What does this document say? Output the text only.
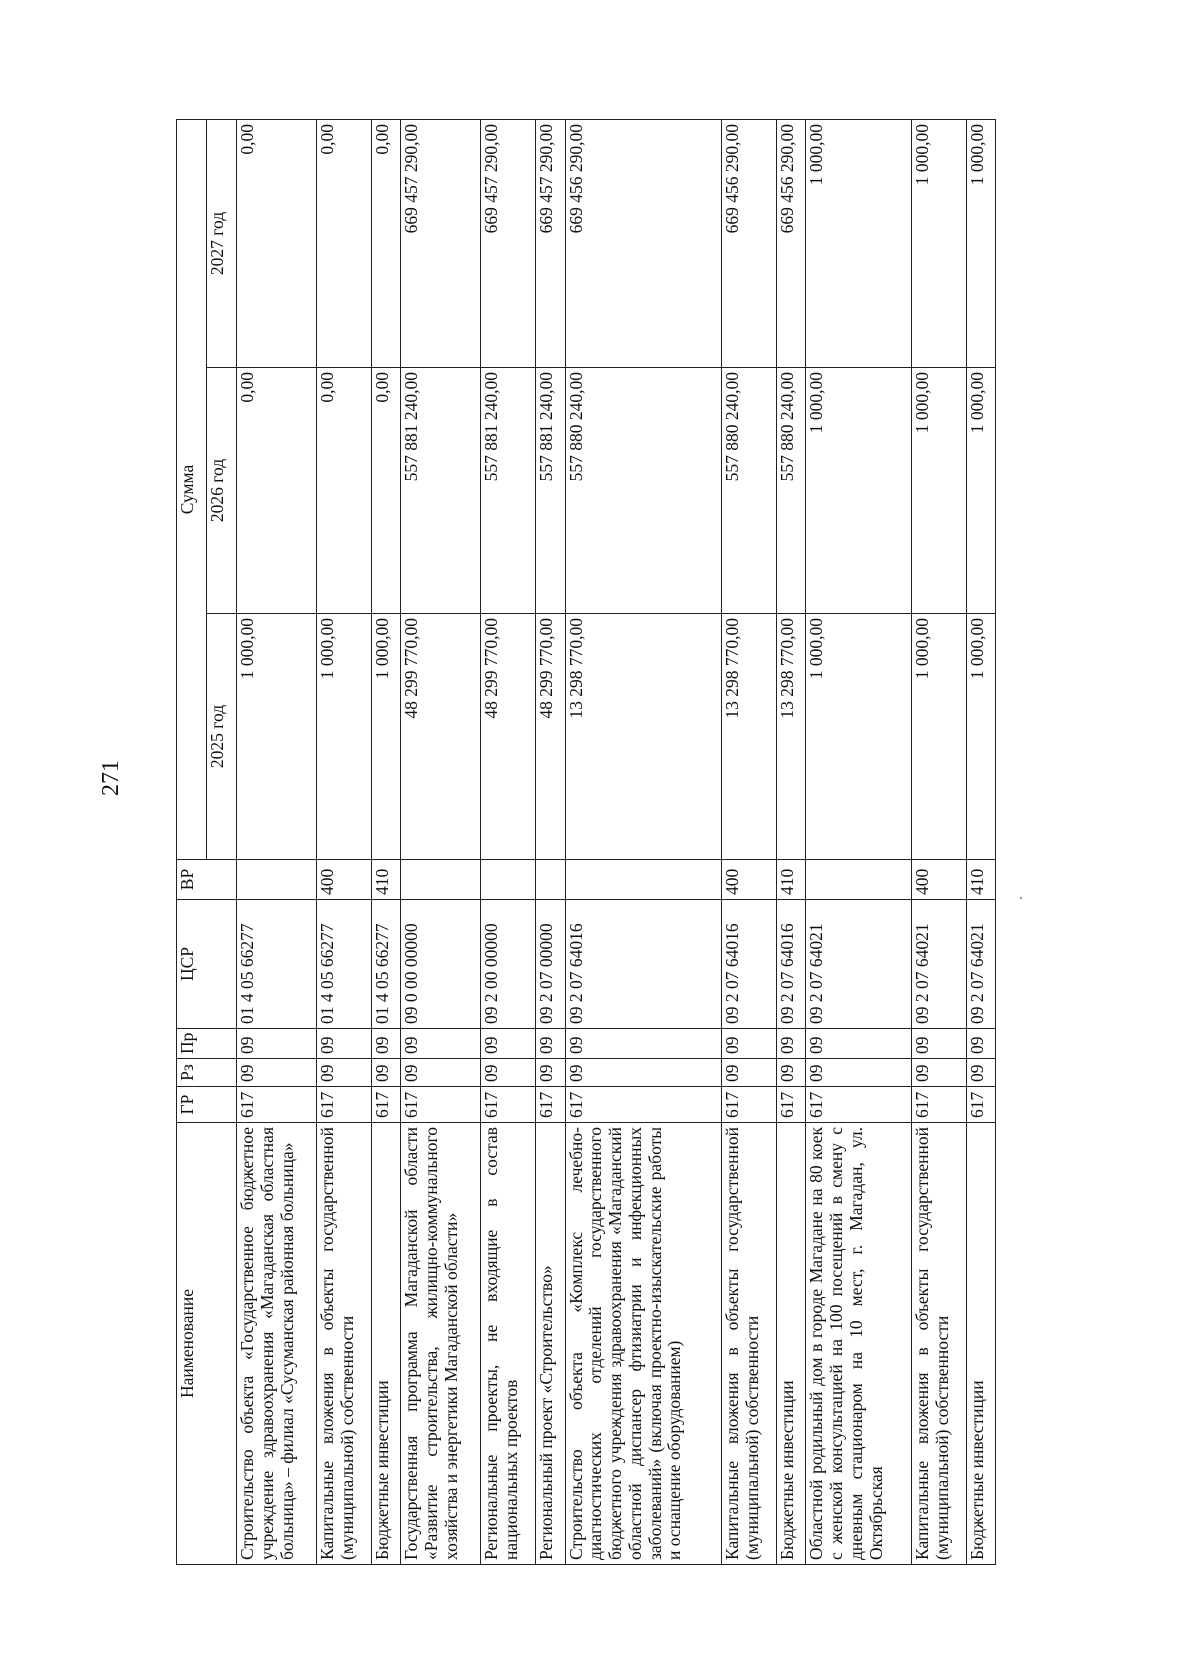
271
Наименование	ГР	Рз	Пр	ЦСР	ВР	Сумма		
						2025 год	2026 год	2027 год
Строительство объекта «Государственное бюджетное учреждение здравоохранения «Магаданская областная больница» – филиал «Сусуманская районная больница»	617	09	09	01 4 05 66277		1 000,00	0,00	0,00
Капитальные вложения в объекты государственной (муниципальной) собственности	617	09	09	01 4 05 66277	400	1 000,00	0,00	0,00
Бюджетные инвестиции	617	09	09	01 4 05 66277	410	1 000,00	0,00	0,00
Государственная программа Магаданской области «Развитие строительства, жилищно-коммунального хозяйства и энергетики Магаданской области»	617	09	09	09 0 00 00000		48 299 770,00	557 881 240,00	669 457 290,00
Региональные проекты, не входящие в состав национальных проектов	617	09	09	09 2 00 00000		48 299 770,00	557 881 240,00	669 457 290,00
Региональный проект «Строительство»	617	09	09	09 2 07 00000		48 299 770,00	557 881 240,00	669 457 290,00
Строительство объекта «Комплекс лечебно-диагностических отделений государственного бюджетного учреждения здравоохранения «Магаданский областной диспансер фтизиатрии и инфекционных заболеваний» (включая проектно-изыскательские работы и оснащение оборудованием)	617	09	09	09 2 07 64016		13 298 770,00	557 880 240,00	669 456 290,00
Капитальные вложения в объекты государственной (муниципальной) собственности	617	09	09	09 2 07 64016	400	13 298 770,00	557 880 240,00	669 456 290,00
Бюджетные инвестиции	617	09	09	09 2 07 64016	410	13 298 770,00	557 880 240,00	669 456 290,00
Областной родильный дом в городе Магадане на 80 коек с женской консультацией на 100 посещений в смену с дневным стационаром на 10 мест, г. Магадан, ул. Октябрьская	617	09	09	09 2 07 64021		1 000,00	1 000,00	1 000,00
Капитальные вложения в объекты государственной (муниципальной) собственности	617	09	09	09 2 07 64021	400	1 000,00	1 000,00	1 000,00
Бюджетные инвестиции	617	09	09	09 2 07 64021	410	1 000,00	1 000,00	1 000,00
